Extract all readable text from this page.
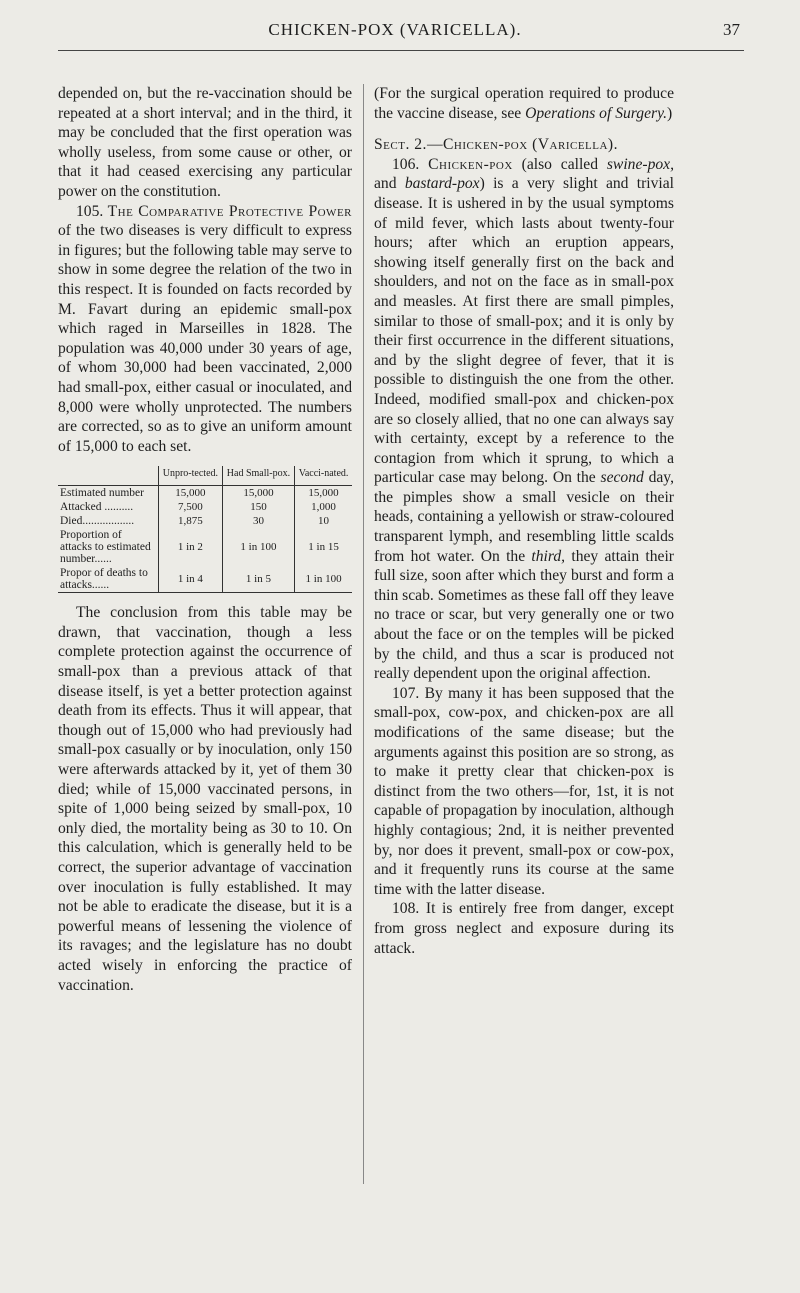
CHICKEN-POX (VARICELLA).	37

depended on, but the re-vaccination should be repeated at a short interval; and in the third, it may be concluded that the first operation was wholly useless, from some cause or other, or that it had ceased exercising any particular power on the constitution.

105. The Comparative Protective Power of the two diseases is very difficult to express in figures; but the following table may serve to show in some degree the relation of the two in this respect. It is founded on facts recorded by M. Favart during an epidemic small-pox which raged in Marseilles in 1828. The population was 40,000 under 30 years of age, of whom 30,000 had been vaccinated, 2,000 had small-pox, either casual or inoculated, and 8,000 were wholly unprotected. The numbers are corrected, so as to give an uniform amount of 15,000 to each set.

	Unpro-tected.	Had Small-pox.	Vacci-nated.
Estimated number	15,000	15,000	15,000
Attacked ..........	7,500	150	1,000
Died..................	1,875	30	10
Proportion of attacks to estimated number......	1 in 2	1 in 100	1 in 15
Propor of deaths to attacks......	1 in 4	1 in 5	1 in 100

The conclusion from this table may be drawn, that vaccination, though a less complete protection against the occurrence of small-pox than a previous attack of that disease itself, is yet a better protection against death from its effects. Thus it will appear, that though out of 15,000 who had previously had small-pox casually or by inoculation, only 150 were afterwards attacked by it, yet of them 30 died; while of 15,000 vaccinated persons, in spite of 1,000 being seized by small-pox, 10 only died, the mortality being as 30 to 10. On this calculation, which is generally held to be correct, the superior advantage of vaccination over inoculation is fully established. It may not be able to eradicate the disease, but it is a powerful means of lessening the violence of its ravages; and the legislature has no doubt acted wisely in enforcing the practice of vaccination.

(For the surgical operation required to produce the vaccine disease, see Operations of Surgery.)

Sect. 2.—Chicken-pox (Varicella).

106. Chicken-pox (also called swine-pox, and bastard-pox) is a very slight and trivial disease. It is ushered in by the usual symptoms of mild fever, which lasts about twenty-four hours; after which an eruption appears, showing itself generally first on the back and shoulders, and not on the face as in small-pox and measles. At first there are small pimples, similar to those of small-pox; and it is only by their first occurrence in the different situations, and by the slight degree of fever, that it is possible to distinguish the one from the other. Indeed, modified small-pox and chicken-pox are so closely allied, that no one can always say with certainty, except by a reference to the contagion from which it sprung, to which a particular case may belong. On the second day, the pimples show a small vesicle on their heads, containing a yellowish or straw-coloured transparent lymph, and resembling little scalds from hot water. On the third, they attain their full size, soon after which they burst and form a thin scab. Sometimes as these fall off they leave no trace or scar, but very generally one or two about the face or on the temples will be picked by the child, and thus a scar is produced not really dependent upon the original affection.

107. By many it has been supposed that the small-pox, cow-pox, and chicken-pox are all modifications of the same disease; but the arguments against this position are so strong, as to make it pretty clear that chicken-pox is distinct from the two others—for, 1st, it is not capable of propagation by inoculation, although highly contagious; 2nd, it is neither prevented by, nor does it prevent, small-pox or cow-pox, and it frequently runs its course at the same time with the latter disease.

108. It is entirely free from danger, except from gross neglect and exposure during its attack.
